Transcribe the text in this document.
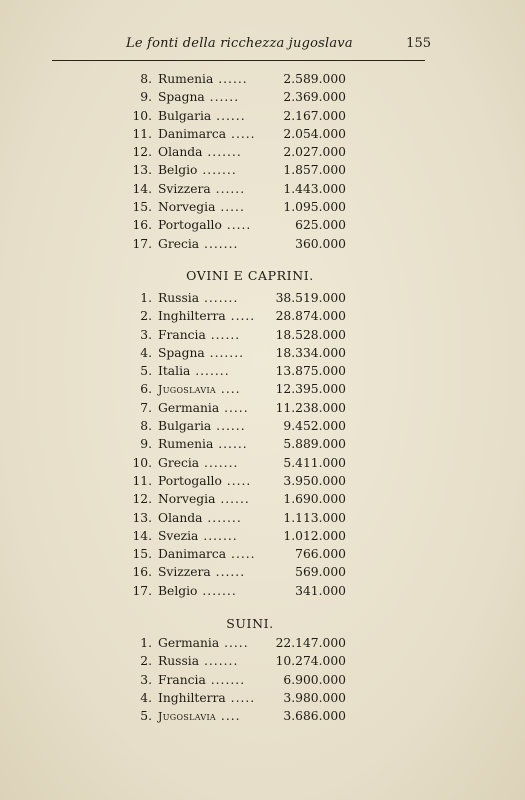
Le fonti della ricchezza jugoslava	155
8. Rumenia ......	2.589.000
9. Spagna ......	2.369.000
10. Bulgaria ......	2.167.000
11. Danimarca .....	2.054.000
12. Olanda .......	2.027.000
13. Belgio .......	1.857.000
14. Svizzera ......	1.443.000
15. Norvegia .....	1.095.000
16. Portogallo .....	625.000
17. Grecia .......	360.000
OVINI E CAPRINI.
1. Russia .......	38.519.000
2. Inghilterra .....	28.874.000
3. Francia ......	18.528.000
4. Spagna .......	18.334.000
5. Italia .......	13.875.000
6. Jugoslavia ....	12.395.000
7. Germania .....	11.238.000
8. Bulgaria ......	9.452.000
9. Rumenia ......	5.889.000
10. Grecia .......	5.411.000
11. Portogallo .....	3.950.000
12. Norvegia ......	1.690.000
13. Olanda .......	1.113.000
14. Svezia .......	1.012.000
15. Danimarca .....	766.000
16. Svizzera ......	569.000
17. Belgio .......	341.000
SUINI.
1. Germania .....	22.147.000
2. Russia .......	10.274.000
3. Francia .......	6.900.000
4. Inghilterra .....	3.980.000
5. Jugoslavia ....	3.686.000
